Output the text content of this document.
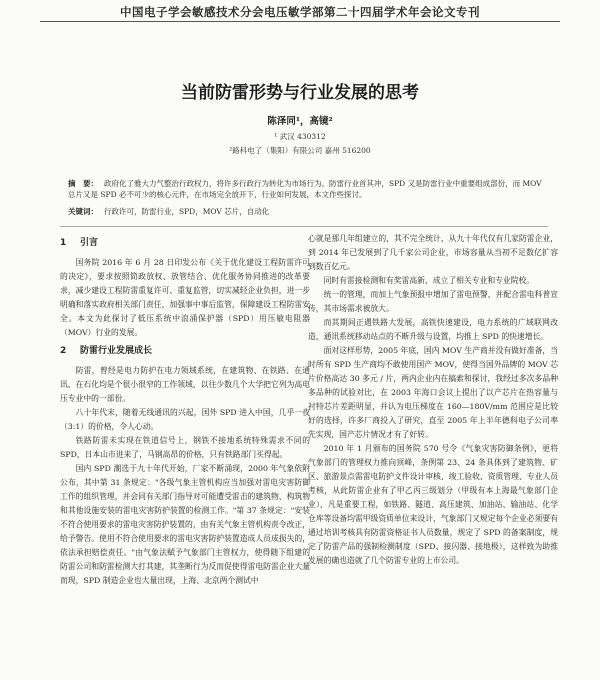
中国电子学会敏感技术分会电压敏学部第二十四届学术年会论文专刊
当前防雷形势与行业发展的思考
陈泽同¹，高镜²
¹ 武汉 430312
²路科电了（集阳）有限公司 嘉州 516200
摘　要： 政府化了雅大力气整治行政权力，将许多行政行为转化为市场行为。防雷行业首其冲，SPD 又是防雷行业中重要组成部份，而 MOV 总片又是 SPD 必不可少的核心元件，在市场完全放开下，行业如何发展，本文作些探讨。
关键词： 行政许可，防雷行业，SPD，MOV 芯片，自动化
1	引言

国务院 2016 年 6 月 28 日印发公布《关于优化建设工程防雷许可的决定》，要求按照简政放权、放管结合、优化服务协同推进的改革要求，减少建设工程防雷重复许可、重复监管，切实减轻企业负担，进一步明确和落实政府相关部门责任，加强事中事后监管，保障建设工程防雷安全。本文为此探讨了低压系统中浪涌保护器（SPD）用压敏电阻器（MOV）行业的发展。

2	防雷行业发展成长

防雷，曾经是电力防护在电力领域系统，在建筑物、在铁路、在通讯、在石化均是个很小很窄的工作领域，以往少数几个大学把它列为高电压专业中的一部份。

八十年代末，随着无线通讯的兴起，国外 SPD 进入中国，几乎一夜（3:1）的价格，令人心动。

铁路防雷未实现在铁道信号上，钢铁不接地系统特殊需求不同的 SPD，日本山市进来了，马钢高昂的价格，只有铁路部门买得起。

国内 SPD 潮选于九十年代开始，厂家不断涌现，2000 年气象依附公布，其中第 31 条规定："各级气象主管机构应当加强对雷电灾害防御工作的组织管理，并会同有关部门指导对可能遭受雷击的建筑物、构筑物和其他设施安装的雷电灾害防护装置的检测工作。"第 37 条规定："安装不符合使用要求的雷电灾害防护装置的，由有关气象主管机构责令改正，给予警告。使用不符合使用要求的雷电灾害防护装置造成人员成损失的，依法承担赔偿责任。"由气象法赋予气象部门主管权力，使得随下组建的防雷公司和防雷检测大打其建，其垄断行为反而促使得雷电防雷企业大量而现，SPD 制造企业也大量出现，上海、北京两个测试中

心就是那几年组建立的，其不完全统计，从九十年代仅有几家防雷企业，到 2014 年已发展到了几千家公司企业，市场容量从当初不足数亿扩容到数百亿元。

同时有雷接检测和有奖雷高新，成立了相关专业和专业院校。

统一的管理，而加上气象预报中增加了雷电预警，并配合雷电科普宣传，其市场需求被放大。

而其期间正遇铁路大发展，高铁快速建设，电力系统的广域联网改造，通讯系统移动站点的不断升级与设置，均推上 SPD 的快速增长。

面对这样形势，2005 年底，国内 MOV 生产商并没有做好准备，当时所有 SPD 生产商均不敢使用国产 MOV，使得当国外品牌的 MOV 芯片价格高达 30 多元 / 片，两内企业内在搞索和探讨，我经过多次多品种多品种的试验对比，在 2003 年海口会议上提出了以产芯片在热容量与衬特芯片差距明显，并认为电压梯度在 160—180V/mm 范围应是比较好的选择，许多厂商投入了研究，直至 2005 年上半年德科电子公司率先实现，国产芯片情况才有了好转。

2010 年 1 月颁布的国务院 570 号令《气象灾害防御条例》，更将气象部门的管理权力推向顶峰，条例第 23、24 条具体到了建筑物、矿区、旅游景点需雷电防护文件设计审核、竣工验收、资质管理、专业人员考核，从此防雷企业有了甲乙丙三级划分（甲级有本上海最气象部门企业），凡是重要工程，如铁路、隧道、高压建筑、加油站、输油站、化学仓库等设备均需甲级资质单位来设计，气象部门又规定每个企业必须要有通过培训考核具有防雷资格证书人员数量，规定了 SPD 的备案制度，规定了防雷产品的强制检测制度（SPD、接闪器、接地极），这样致为助推发展的确也造就了几个防雷专业的上市公司。
